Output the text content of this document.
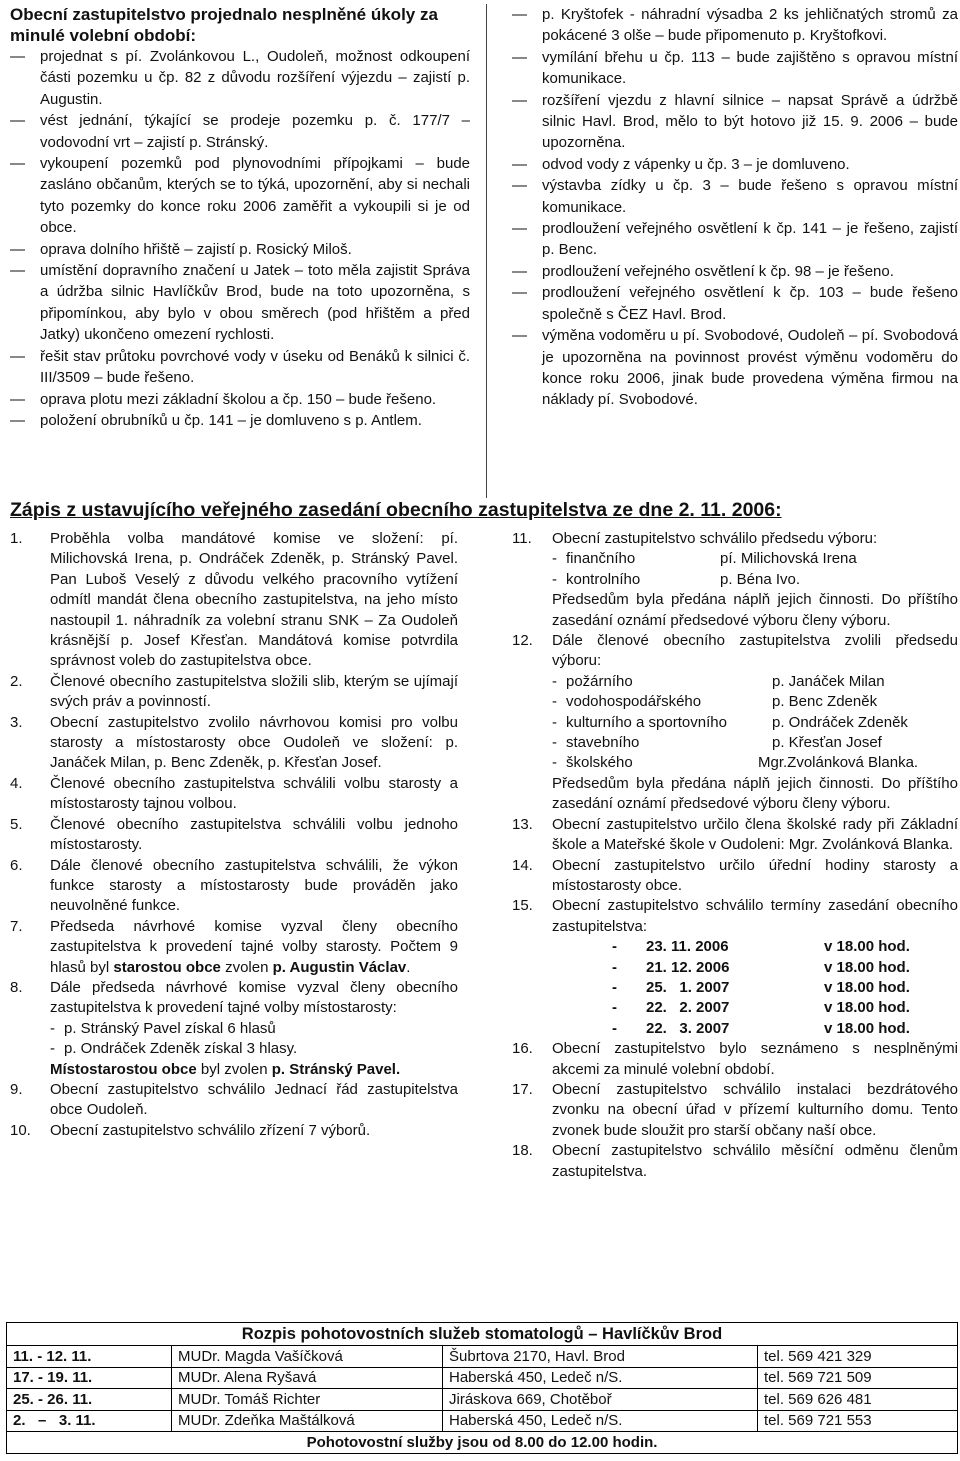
Obecní zastupitelstvo projednalo nesplněné úkoly za minulé volební období:

— projednat s pí. Zvolánkovou L., Oudoleň, možnost odkoupení části pozemku u čp. 82 z důvodu rozšíření výjezdu – zajistí p. Augustin.
— vést jednání, týkající se prodeje pozemku p. č. 177/7 – vodovodní vrt – zajistí p. Stránský.
— vykoupení pozemků pod plynovodními přípojkami – bude zasláno občanům, kterých se to týká, upozornění, aby si nechali tyto pozemky do konce roku 2006 zaměřit a vykoupili si je od obce.
— oprava dolního hřiště – zajistí p. Rosický Miloš.
— umístění dopravního značení u Jatek – toto měla zajistit Správa a údržba silnic Havlíčkův Brod, bude na toto upozorněna, s připomínkou, aby bylo v obou směrech (pod hřištěm a před Jatky) ukončeno omezení rychlosti.
— řešit stav průtoku povrchové vody v úseku od Benáků k silnici č. III/3509 – bude řešeno.
— oprava plotu mezi základní školou a čp. 150 – bude řešeno.
— položení obrubníků u čp. 141 – je domluveno s p. Antlem.
— p. Kryštofek - náhradní výsadba 2 ks jehličnatých stromů za pokácené 3 olše – bude připomenuto p. Kryštofkovi.
— vymílání břehu u čp. 113 – bude zajištěno s opravou místní komunikace.
— rozšíření vjezdu z hlavní silnice – napsat Správě a údržbě silnic Havl. Brod, mělo to být hotovo již 15. 9. 2006 – bude upozorněna.
— odvod vody z vápenky u čp. 3 – je domluveno.
— výstavba zídky u čp. 3 – bude řešeno s opravou místní komunikace.
— prodloužení veřejného osvětlení k čp. 141 – je řešeno, zajistí p. Benc.
— prodloužení veřejného osvětlení k čp. 98 – je řešeno.
— prodloužení veřejného osvětlení k čp. 103 – bude řešeno společně s ČEZ Havl. Brod.
— výměna vodoměru u pí. Svobodové, Oudoleň – pí. Svobodová je upozorněna na povinnost provést výměnu vodoměru do konce roku 2006, jinak bude provedena výměna firmou na náklady pí. Svobodové.
Zápis z ustavujícího veřejného zasedání obecního zastupitelstva ze dne 2. 11. 2006:
1. Proběhla volba mandátové komise ve složení: pí. Milichovská Irena, p. Ondráček Zdeněk, p. Stránský Pavel. Pan Luboš Veselý z důvodu velkého pracovního vytížení odmítl mandát člena obecního zastupitelstva, na jeho místo nastoupil 1. náhradník za volební stranu SNK – Za Oudoleň krásnější p. Josef Křesťan. Mandátová komise potvrdila správnost voleb do zastupitelstva obce.
2. Členové obecního zastupitelstva složili slib, kterým se ujímají svých práv a povinností.
3. Obecní zastupitelstvo zvolilo návrhovou komisi pro volbu starosty a místostarosty obce Oudoleň ve složení: p. Janáček Milan, p. Benc Zdeněk, p. Křesťan Josef.
4. Členové obecního zastupitelstva schválili volbu starosty a místostarosty tajnou volbou.
5. Členové obecního zastupitelstva schválili volbu jednoho místostarosty.
6. Dále členové obecního zastupitelstva schválili, že výkon funkce starosty a místostarosty bude prováděn jako neuvolněné funkce.
7. Předseda návrhové komise vyzval členy obecního zastupitelstva k provedení tajné volby starosty. Počtem 9 hlasů byl starostou obce zvolen p. Augustin Václav.
8. Dále předseda návrhové komise vyzval členy obecního zastupitelstva k provedení tajné volby místostarosty:
- p. Stránský Pavel získal 6 hlasů
- p. Ondráček Zdeněk získal 3 hlasy.
Místostarostou obce byl zvolen p. Stránský Pavel.
9. Obecní zastupitelstvo schválilo Jednací řád zastupitelstva obce Oudoleň.
10. Obecní zastupitelstvo schválilo zřízení 7 výborů.
11. Obecní zastupitelstvo schválilo předsedu výboru:
- finančního	pí. Milichovská Irena
- kontrolního	p. Béna Ivo.
Předsedům byla předána náplň jejich činnosti. Do příštího zasedání oznámí předsedové výboru členy výboru.
12. Dále členové obecního zastupitelstva zvolili předsedu výboru:
- požárního	p. Janáček Milan
- vodohospodářského	p. Benc Zdeněk
- kulturního a sportovního	p. Ondráček Zdeněk
- stavebního	p. Křesťan Josef
- školského	Mgr.Zvolánková Blanka.
Předsedům byla předána náplň jejich činnosti. Do příštího zasedání oznámí předsedové výboru členy výboru.
13. Obecní zastupitelstvo určilo člena školské rady při Základní škole a Mateřské škole v Oudoleni: Mgr. Zvolánková Blanka.
14. Obecní zastupitelstvo určilo úřední hodiny starosty a místostarosty obce.
15. Obecní zastupitelstvo schválilo termíny zasedání obecního zastupitelstva:
-	23. 11. 2006	v 18.00 hod.
-	21. 12. 2006	v 18.00 hod.
-	25.   1. 2007	v 18.00 hod.
-	22.   2. 2007	v 18.00 hod.
-	22.   3. 2007	v 18.00 hod.
16. Obecní zastupitelstvo bylo seznámeno s nesplněnými akcemi za minulé volební období.
17. Obecní zastupitelstvo schválilo instalaci bezdrátového zvonku na obecní úřad v přízemí kulturního domu. Tento zvonek bude sloužit pro starší občany naší obce.
18. Obecní zastupitelstvo schválilo měsíční odměnu členům zastupitelstva.
Rozpis pohotovostních služeb stomatologů – Havlíčkův Brod			
11. - 12. 11.	MUDr. Magda Vašíčková	Šubrtova 2170, Havl. Brod	tel. 569 421 329
17. - 19. 11.	MUDr. Alena Ryšavá	Haberská 450, Ledeč n/S.	tel. 569 721 509
25. - 26. 11.	MUDr. Tomáš Richter	Jiráskova 669, Chotěboř	tel. 569 626 481
2.   –   3. 11.	MUDr. Zdeňka Maštálková	Haberská 450, Ledeč n/S.	tel. 569 721 553
Pohotovostní služby jsou od 8.00 do 12.00 hodin.			
